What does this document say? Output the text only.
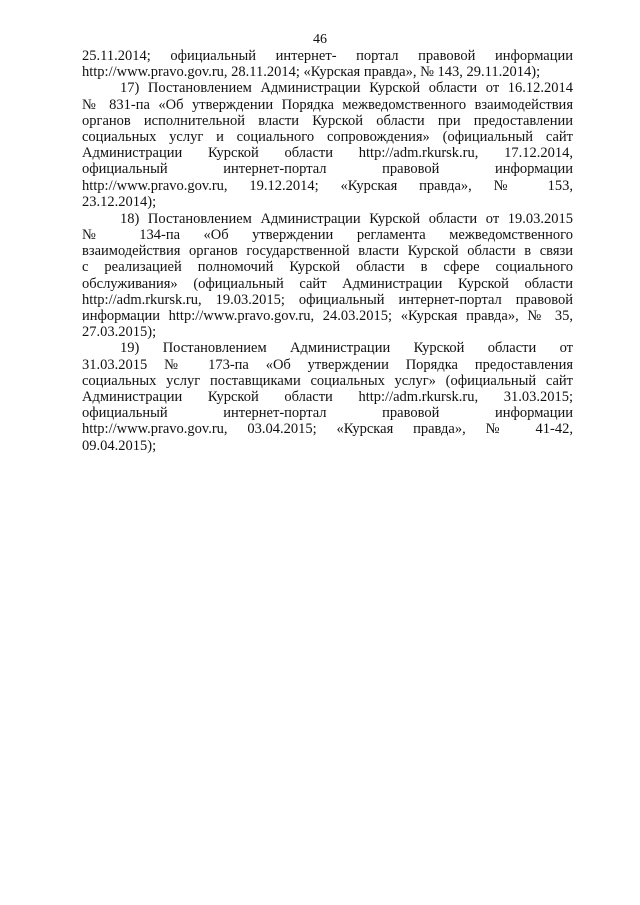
46
25.11.2014; официальный интернет- портал правовой информации
http://www.pravo.gov.ru, 28.11.2014; «Курская правда», № 143, 29.11.2014);
17) Постановлением Администрации Курской области от 16.12.2014
№ 831-па «Об утверждении Порядка межведомственного взаимодействия
органов исполнительной власти Курской области при предоставлении
социальных услуг и социального сопровождения» (официальный сайт
Администрации Курской области http://adm.rkursk.ru, 17.12.2014,
официальный интернет-портал правовой информации
http://www.pravo.gov.ru, 19.12.2014; «Курская правда», № 153,
23.12.2014);
18) Постановлением Администрации Курской области от 19.03.2015
№ 134-па «Об утверждении регламента межведомственного
взаимодействия органов государственной власти Курской области в связи
с реализацией полномочий Курской области в сфере социального
обслуживания» (официальный сайт Администрации Курской области
http://adm.rkursk.ru, 19.03.2015; официальный интернет-портал правовой
информации http://www.pravo.gov.ru, 24.03.2015; «Курская правда», № 35,
27.03.2015);
19) Постановлением Администрации Курской области от
31.03.2015 № 173-па «Об утверждении Порядка предоставления
социальных услуг поставщиками социальных услуг» (официальный сайт
Администрации Курской области http://adm.rkursk.ru, 31.03.2015;
официальный интернет-портал правовой информации
http://www.pravo.gov.ru, 03.04.2015; «Курская правда», № 41-42,
09.04.2015);
